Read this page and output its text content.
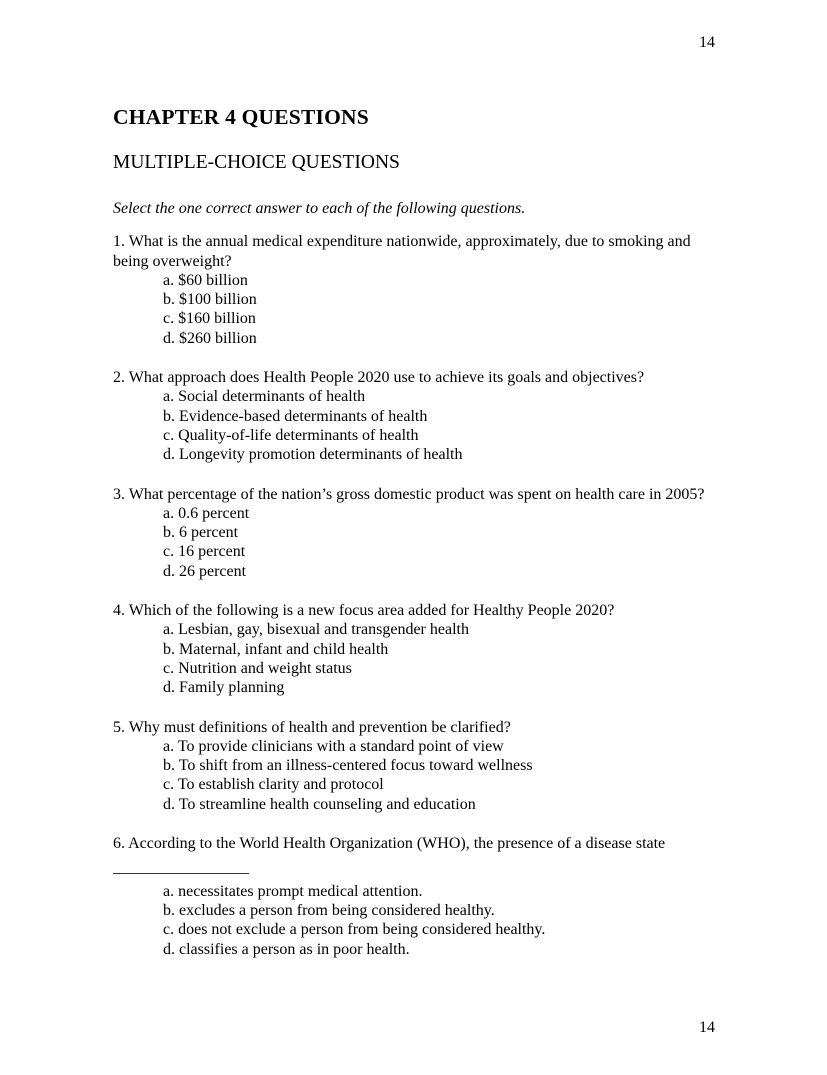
14
CHAPTER 4 QUESTIONS
MULTIPLE-CHOICE QUESTIONS

Select the one correct answer to each of the following questions.

1. What is the annual medical expenditure nationwide, approximately, due to smoking and being overweight?
a. $60 billion
b. $100 billion
c. $160 billion
d. $260 billion
2. What approach does Health People 2020 use to achieve its goals and objectives?
a. Social determinants of health
b. Evidence-based determinants of health
c. Quality-of-life determinants of health
d. Longevity promotion determinants of health
3. What percentage of the nation’s gross domestic product was spent on health care in 2005?
a. 0.6 percent
b. 6 percent
c. 16 percent
d. 26 percent
4. Which of the following is a new focus area added for Healthy People 2020?
a. Lesbian, gay, bisexual and transgender health
b. Maternal, infant and child health
c. Nutrition and weight status
d. Family planning
5. Why must definitions of health and prevention be clarified?
a. To provide clinicians with a standard point of view
b. To shift from an illness-centered focus toward wellness
c. To establish clarity and protocol
d. To streamline health counseling and education
6. According to the World Health Organization (WHO), the presence of a disease state
_________________
a. necessitates prompt medical attention.
b. excludes a person from being considered healthy.
c. does not exclude a person from being considered healthy.
d. classifies a person as in poor health.
14
